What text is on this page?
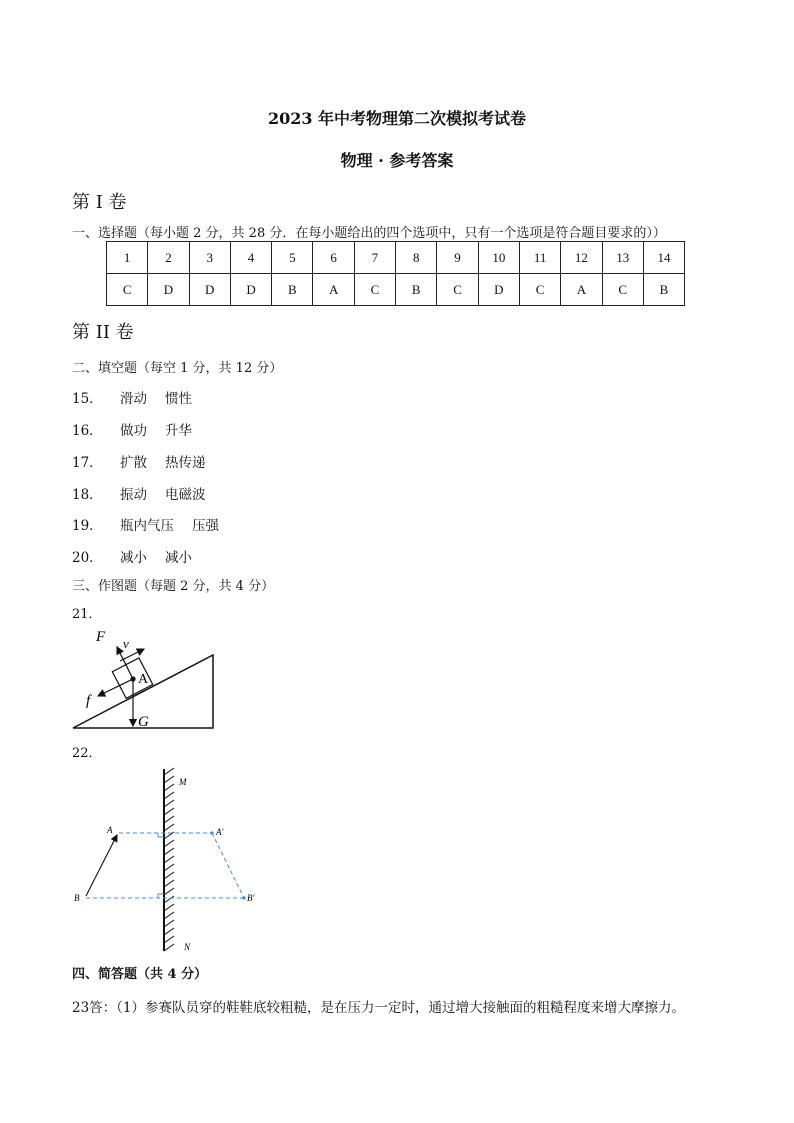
2023 年中考物理第二次模拟考试卷
物理 · 参考答案
第 Ⅰ 卷
一、选择题（每小题 2 分，共 28 分．在每小题给出的四个选项中，只有一个选项是符合题目要求的））
1	2	3	4	5	6	7	8	9	10	11	12	13	14
C	D	D	D	B	A	C	B	C	D	C	A	C	B
第 II 卷
二、填空题（每空 1 分，共 12 分）
15． 滑动 惯性
16． 做功 升华
17． 扩散 热传递
18． 振动 电磁波
19． 瓶内气压 压强
20． 减小 减小
三、作图题（每题 2 分，共 4 分）
21．
F v
A
f
G
22．
M
N
A	A′
B	B′
四、简答题（共 4 分）
23答：（1）参赛队员穿的鞋鞋底较粗糙，是在压力一定时，通过增大接触面的粗糙程度来增大摩擦力。
